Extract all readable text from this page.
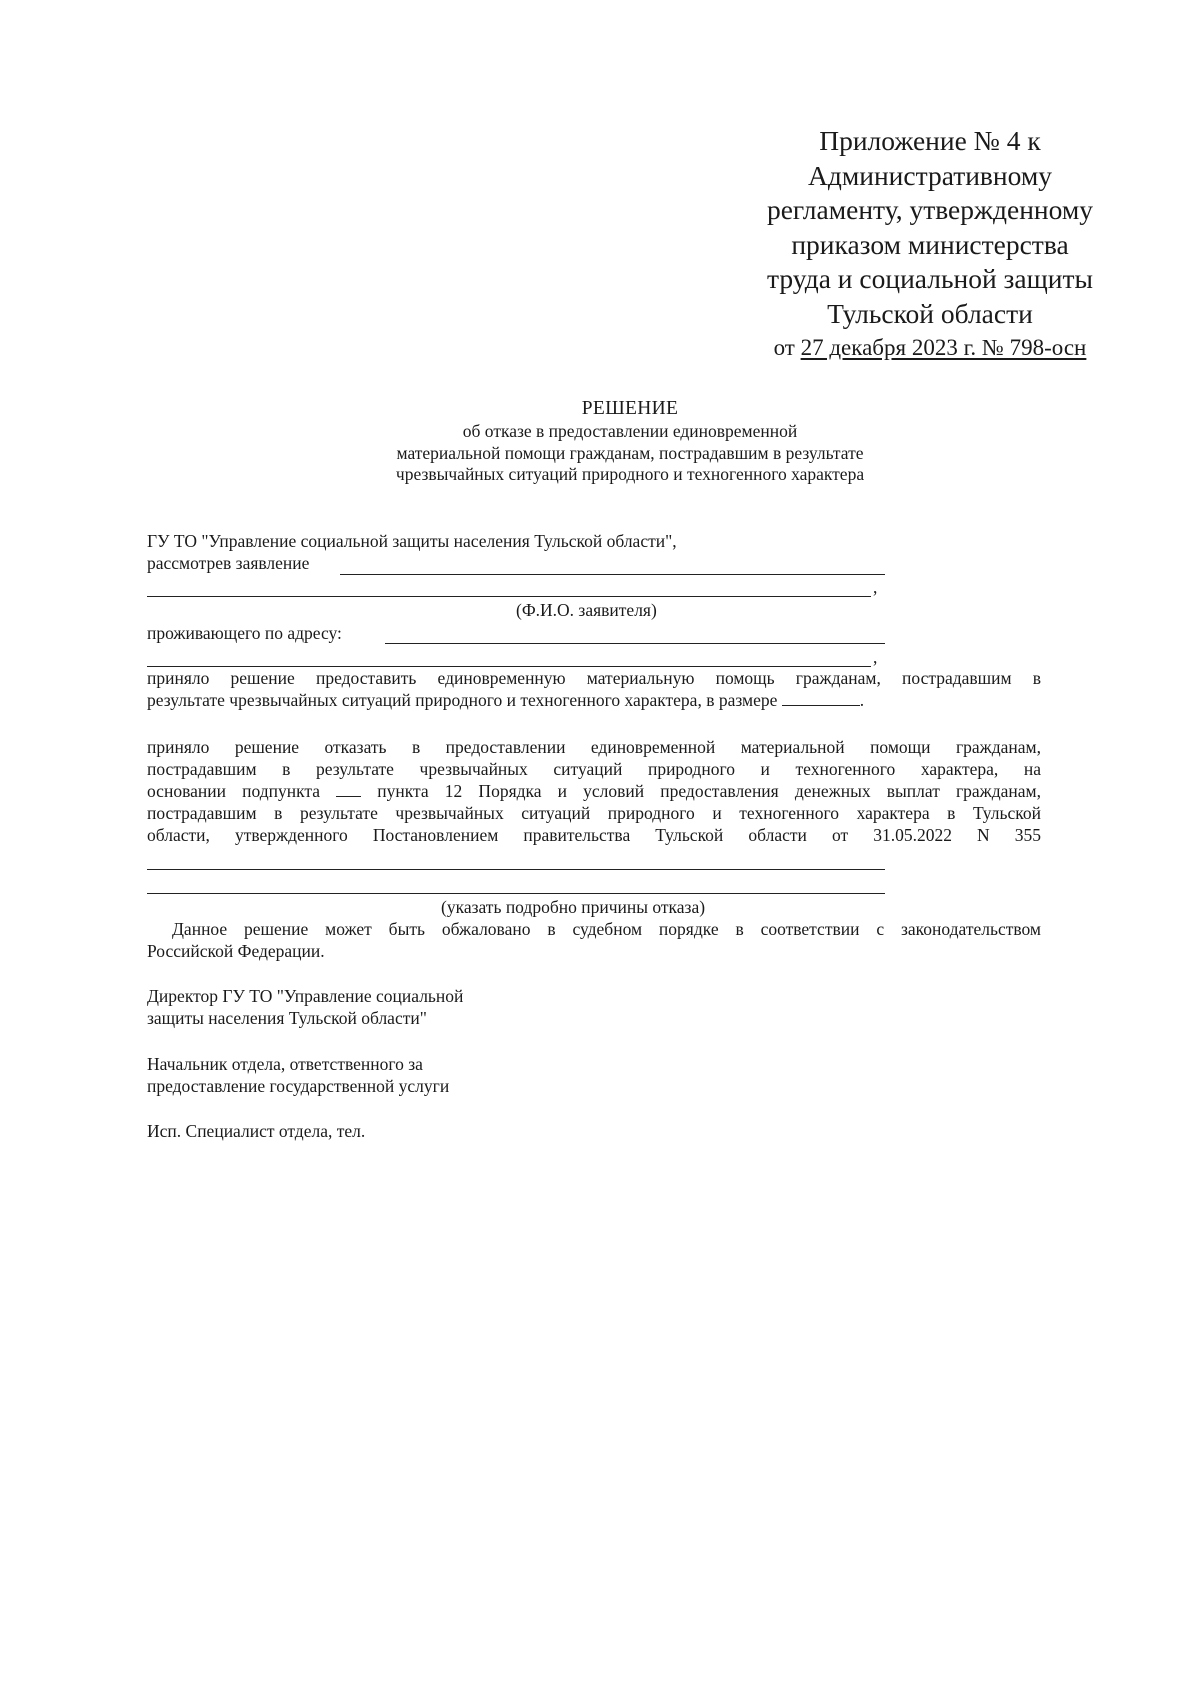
Приложение № 4 к
Административному
регламенту, утвержденному
приказом министерства
труда и социальной защиты
Тульской области
от 27 декабря 2023 г. № 798-осн
РЕШЕНИЕ
об отказе в предоставлении единовременной
материальной помощи гражданам, пострадавшим в результате
чрезвычайных ситуаций природного и техногенного характера
ГУ ТО "Управление социальной защиты населения Тульской области",
рассмотрев заявление
,
(Ф.И.О. заявителя)
проживающего по адресу:
,
приняло решение предоставить единовременную материальную помощь гражданам, пострадавшим в
результате чрезвычайных ситуаций природного и техногенного характера, в размере	.
приняло решение отказать в предоставлении единовременной материальной помощи гражданам,
пострадавшим в результате чрезвычайных ситуаций природного и техногенного характера, на
основании подпункта	пункта 12 Порядка и условий предоставления денежных выплат гражданам,
пострадавшим в результате чрезвычайных ситуаций природного и техногенного характера в Тульской
области, утвержденного Постановлением правительства Тульской области от 31.05.2022 N 355
(указать подробно причины отказа)
Данное решение может быть обжаловано в судебном порядке в соответствии с законодательством
Российской Федерации.
Директор ГУ ТО "Управление социальной
защиты населения Тульской области"
Начальник отдела, ответственного за
предоставление государственной услуги
Исп. Специалист отдела, тел.
